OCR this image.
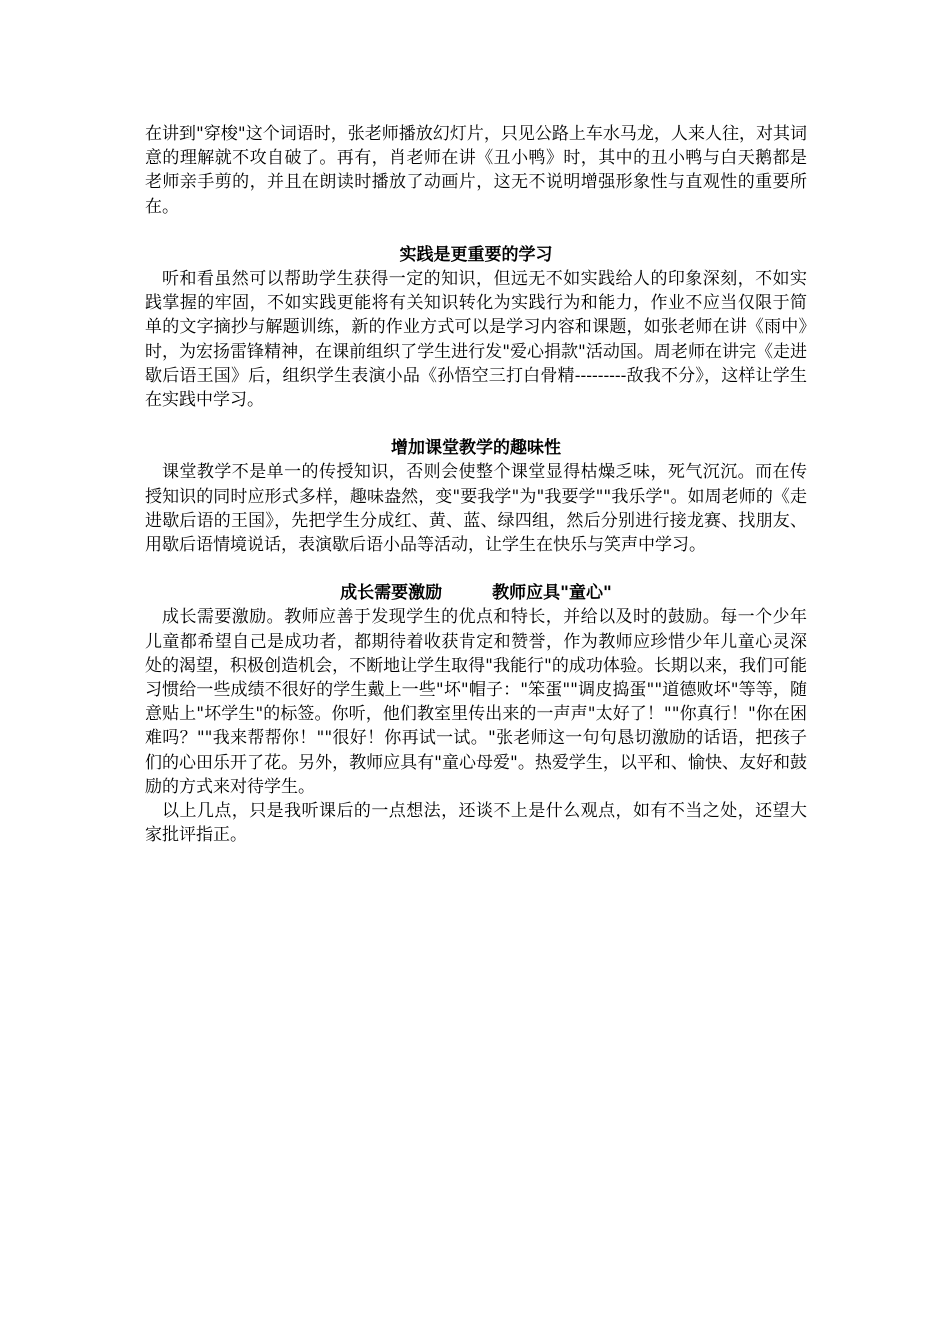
在讲到"穿梭"这个词语时，张老师播放幻灯片，只见公路上车水马龙，人来人往，对其词意的理解就不攻自破了。再有，肖老师在讲《丑小鸭》时，其中的丑小鸭与白天鹅都是老师亲手剪的，并且在朗读时播放了动画片，这无不说明增强形象性与直观性的重要所在。

实践是更重要的学习

听和看虽然可以帮助学生获得一定的知识，但远无不如实践给人的印象深刻，不如实践掌握的牢固，不如实践更能将有关知识转化为实践行为和能力，作业不应当仅限于简单的文字摘抄与解题训练，新的作业方式可以是学习内容和课题，如张老师在讲《雨中》时，为宏扬雷锋精神，在课前组织了学生进行发"爱心捐款"活动国。周老师在讲完《走进歇后语王国》后，组织学生表演小品《孙悟空三打白骨精---------敌我不分》，这样让学生在实践中学习。

增加课堂教学的趣味性

课堂教学不是单一的传授知识，否则会使整个课堂显得枯燥乏味，死气沉沉。而在传授知识的同时应形式多样，趣味盎然，变"要我学"为"我要学""我乐学"。如周老师的《走进歇后语的王国》，先把学生分成红、黄、蓝、绿四组，然后分别进行接龙赛、找朋友、用歇后语情境说话，表演歇后语小品等活动，让学生在快乐与笑声中学习。

成长需要激励	教师应具"童心"

成长需要激励。教师应善于发现学生的优点和特长，并给以及时的鼓励。每一个少年儿童都希望自己是成功者，都期待着收获肯定和赞誉，作为教师应珍惜少年儿童心灵深处的渴望，积极创造机会，不断地让学生取得"我能行"的成功体验。长期以来，我们可能习惯给一些成绩不很好的学生戴上一些"坏"帽子："笨蛋""调皮捣蛋""道德败坏"等等，随意贴上"坏学生"的标签。你听，他们教室里传出来的一声声"太好了！""你真行！"你在困难吗？""我来帮帮你！""很好！你再试一试。"张老师这一句句恳切激励的话语，把孩子们的心田乐开了花。另外，教师应具有"童心母爱"。热爱学生，以平和、愉快、友好和鼓励的方式来对待学生。

以上几点，只是我听课后的一点想法，还谈不上是什么观点，如有不当之处，还望大家批评指正。
